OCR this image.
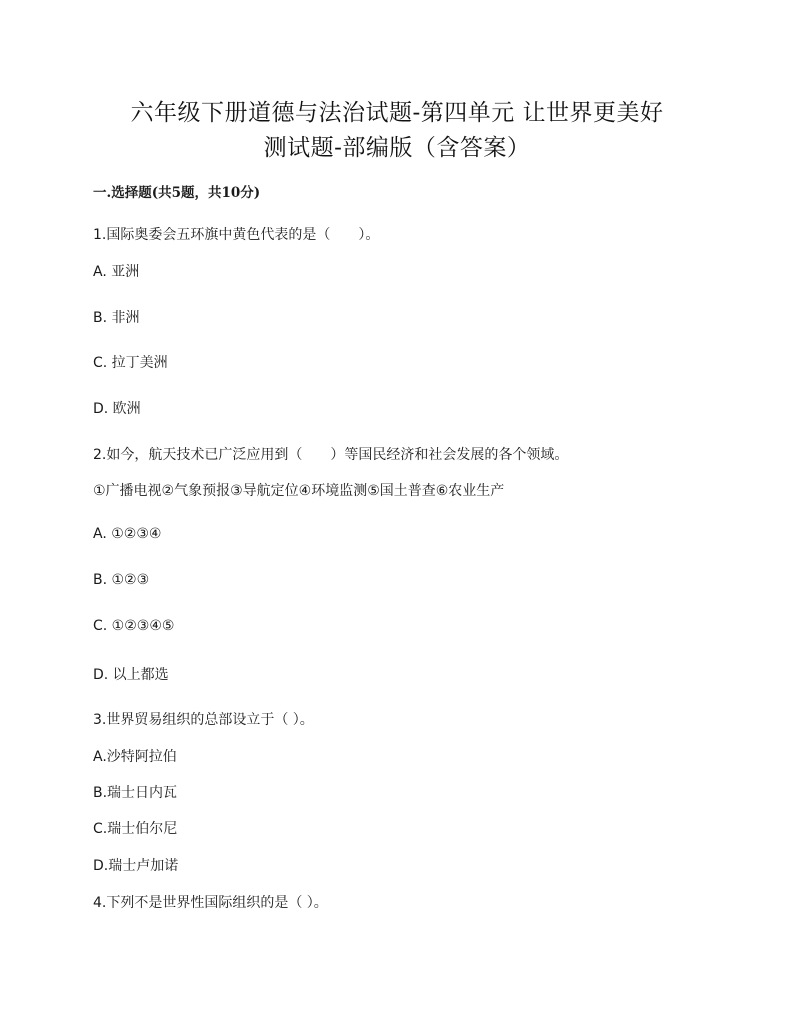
六年级下册道德与法治试题-第四单元 让世界更美好
测试题-部编版（含答案）
一.选择题(共5题，共10分)
1.国际奥委会五环旗中黄色代表的是（　　）。
A. 亚洲
B. 非洲
C. 拉丁美洲
D. 欧洲
2.如今，航天技术已广泛应用到（　　）等国民经济和社会发展的各个领域。
①广播电视②气象预报③导航定位④环境监测⑤国土普查⑥农业生产
A. ①②③④
B. ①②③
C. ①②③④⑤
D. 以上都选
3.世界贸易组织的总部设立于（ ）。
A.沙特阿拉伯
B.瑞士日内瓦
C.瑞士伯尔尼
D.瑞士卢加诺
4.下列不是世界性国际组织的是（ ）。
